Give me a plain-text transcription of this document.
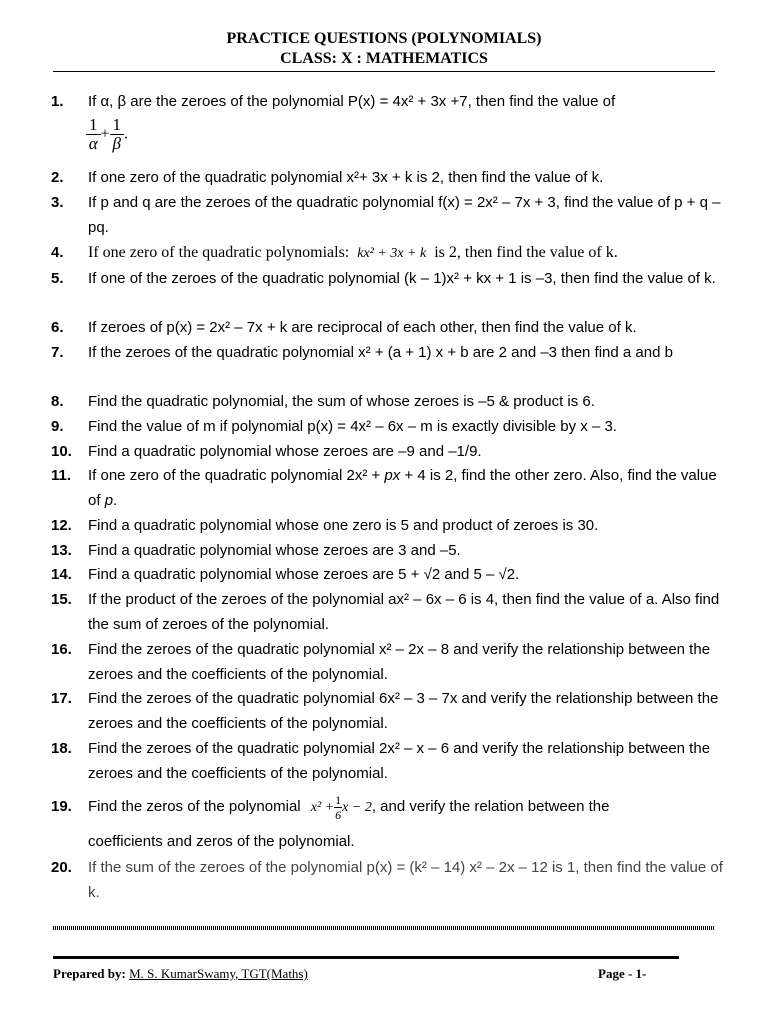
PRACTICE QUESTIONS (POLYNOMIALS)
CLASS: X : MATHEMATICS
1.	If α, β are the zeroes of the polynomial P(x) = 4x² + 3x +7, then find the value of
$\frac{1}{\alpha} + \frac{1}{\beta}$ .
2.	If one zero of the quadratic polynomial x²+ 3x + k is 2, then find the value of k.
3.	If p and q are the zeroes of the quadratic polynomial f(x) = 2x² – 7x + 3, find the value of p + q – pq.
4.	If one zero of the quadratic polynomials: kx² + 3x + k is 2, then find the value of k.
5.	If one of the zeroes of the quadratic polynomial (k – 1)x² + kx + 1 is –3, then find the value of k.
6.	If zeroes of p(x) = 2x² – 7x + k are reciprocal of each other, then find the value of k.
7.	If the zeroes of the quadratic polynomial x² + (a + 1) x + b are 2 and –3 then find a and b
8.	Find the quadratic polynomial, the sum of whose zeroes is –5 & product is 6.
9.	Find the value of m if polynomial p(x) = 4x² – 6x – m is exactly divisible by x – 3.
10.	Find a quadratic polynomial whose zeroes are –9 and –1/9.
11.	If one zero of the quadratic polynomial 2x² + px + 4 is 2, find the other zero. Also, find the value of p.
12.	Find a quadratic polynomial whose one zero is 5 and product of zeroes is 30.
13.	Find a quadratic polynomial whose zeroes are 3 and –5.
14.	Find a quadratic polynomial whose zeroes are 5 + √2 and 5 – √2.
15.	If the product of the zeroes of the polynomial ax² – 6x – 6 is 4, then find the value of a. Also find the sum of zeroes of the polynomial.
16.	Find the zeroes of the quadratic polynomial x² – 2x – 8 and verify the relationship between the zeroes and the coefficients of the polynomial.
17.	Find the zeroes of the quadratic polynomial 6x² – 3 – 7x and verify the relationship between the zeroes and the coefficients of the polynomial.
18.	Find the zeroes of the quadratic polynomial 2x² – x – 6 and verify the relationship between the zeroes and the coefficients of the polynomial.
19.	Find the zeros of the polynomial $x^2 + \frac{1}{6}$ x − 2, and verify the relation between the
coefficients and zeros of the polynomial.
20.	If the sum of the zeroes of the polynomial p(x) = (k² – 14) x² – 2x – 12 is 1, then find the value of k.
Prepared by: M. S. KumarSwamy, TGT(Maths)	Page - 1-
